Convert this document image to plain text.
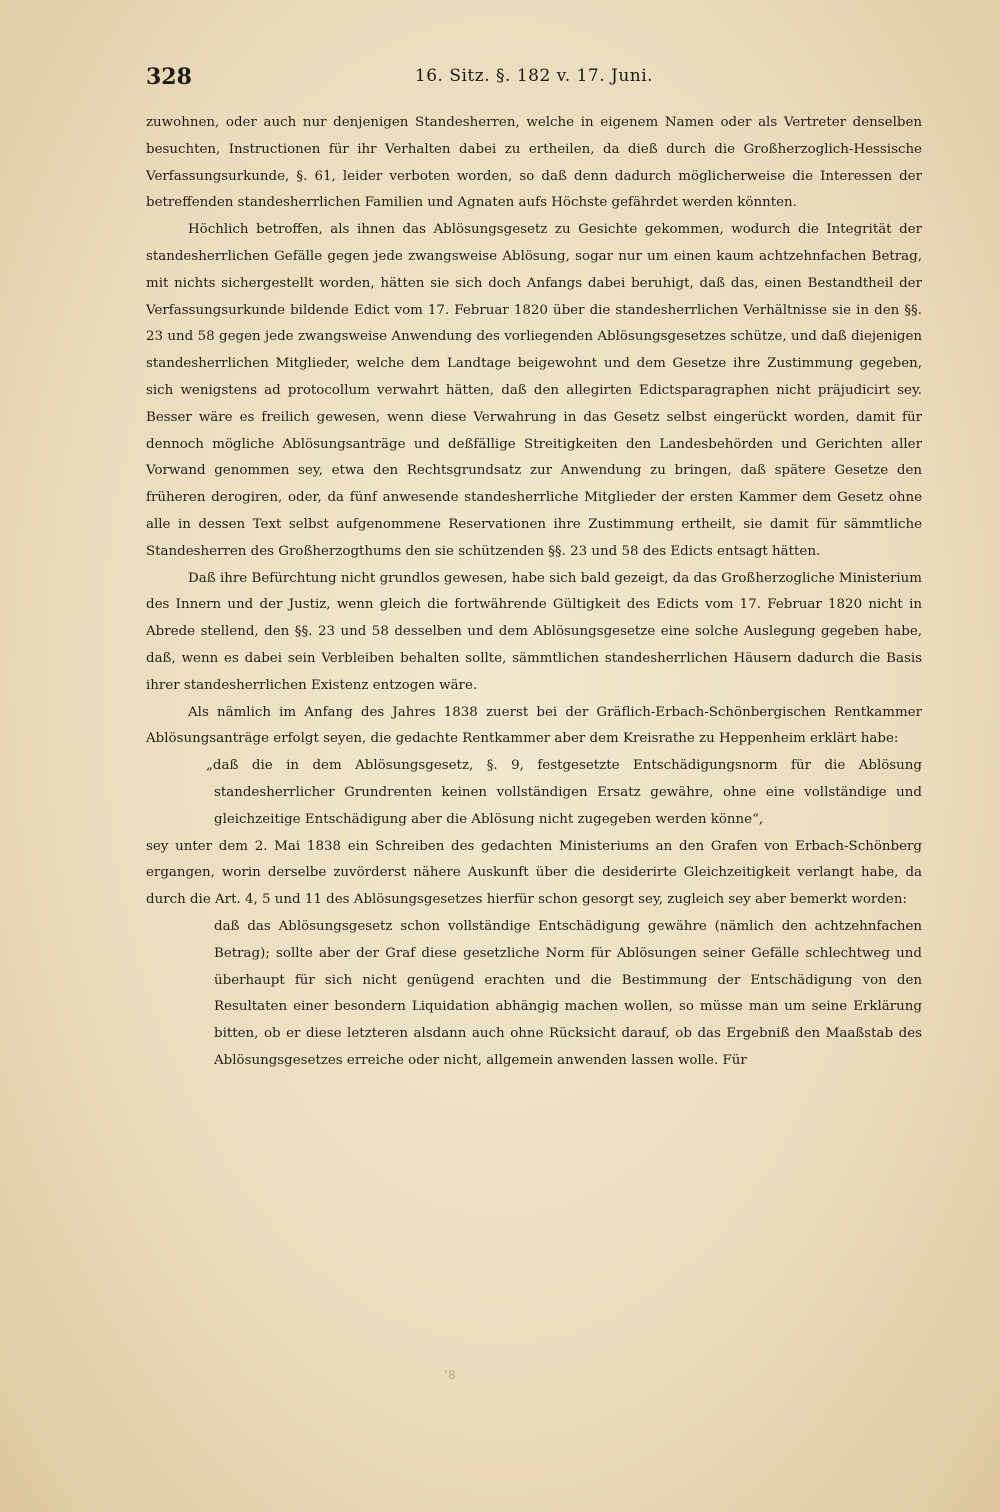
328	16. Sitz. §. 182 v. 17. Juni.

zuwohnen, oder auch nur denjenigen Standesherren, welche in eigenem Namen oder als Vertreter denselben besuchten, Instructionen für ihr Verhalten dabei zu ertheilen, da dieß durch die Großherzoglich-Hessische Verfassungsurkunde, §. 61, leider verboten worden, so daß denn dadurch möglicherweise die Interessen der betreffenden standesherrlichen Familien und Agnaten aufs Höchste gefährdet werden könnten.

Höchlich betroffen, als ihnen das Ablösungsgesetz zu Gesichte gekommen, wodurch die Integrität der standesherrlichen Gefälle gegen jede zwangsweise Ablösung, sogar nur um einen kaum achtzehnfachen Betrag, mit nichts sichergestellt worden, hätten sie sich doch Anfangs dabei beruhigt, daß das, einen Bestandtheil der Verfassungsurkunde bildende Edict vom 17. Februar 1820 über die standesherrlichen Verhältnisse sie in den §§. 23 und 58 gegen jede zwangsweise Anwendung des vorliegenden Ablösungsgesetzes schütze, und daß diejenigen standesherrlichen Mitglieder, welche dem Landtage beigewohnt und dem Gesetze ihre Zustimmung gegeben, sich wenigstens ad protocollum verwahrt hätten, daß den allegirten Edictsparagraphen nicht präjudicirt sey. Besser wäre es freilich gewesen, wenn diese Verwahrung in das Gesetz selbst eingerückt worden, damit für dennoch mögliche Ablösungsanträge und deßfällige Streitigkeiten den Landesbehörden und Gerichten aller Vorwand genommen sey, etwa den Rechtsgrundsatz zur Anwendung zu bringen, daß spätere Gesetze den früheren derogiren, oder, da fünf anwesende standesherrliche Mitglieder der ersten Kammer dem Gesetz ohne alle in dessen Text selbst aufgenommene Reservationen ihre Zustimmung ertheilt, sie damit für sämmtliche Standesherren des Großherzogthums den sie schützenden §§. 23 und 58 des Edicts entsagt hätten.

Daß ihre Befürchtung nicht grundlos gewesen, habe sich bald gezeigt, da das Großherzogliche Ministerium des Innern und der Justiz, wenn gleich die fortwährende Gültigkeit des Edicts vom 17. Februar 1820 nicht in Abrede stellend, den §§. 23 und 58 desselben und dem Ablösungsgesetze eine solche Auslegung gegeben habe, daß, wenn es dabei sein Verbleiben behalten sollte, sämmtlichen standesherrlichen Häusern dadurch die Basis ihrer standesherrlichen Existenz entzogen wäre.

Als nämlich im Anfang des Jahres 1838 zuerst bei der Gräflich-Erbach-Schönbergischen Rentkammer Ablösungsanträge erfolgt seyen, die gedachte Rentkammer aber dem Kreisrathe zu Heppenheim erklärt habe:

„daß die in dem Ablösungsgesetz, §. 9, festgesetzte Entschädigungsnorm für die Ablösung standesherrlicher Grundrenten keinen vollständigen Ersatz gewähre, ohne eine vollständige und gleichzeitige Entschädigung aber die Ablösung nicht zugegeben werden könne“,

sey unter dem 2. Mai 1838 ein Schreiben des gedachten Ministeriums an den Grafen von Erbach-Schönberg ergangen, worin derselbe zuvörderst nähere Auskunft über die desiderirte Gleichzeitigkeit verlangt habe, da durch die Art. 4, 5 und 11 des Ablösungsgesetzes hierfür schon gesorgt sey, zugleich sey aber bemerkt worden:

daß das Ablösungsgesetz schon vollständige Entschädigung gewähre (nämlich den achtzehnfachen Betrag); sollte aber der Graf diese gesetzliche Norm für Ablösungen seiner Gefälle schlechtweg und überhaupt für sich nicht genügend erachten und die Bestimmung der Entschädigung von den Resultaten einer besondern Liquidation abhängig machen wollen, so müsse man um seine Erklärung bitten, ob er diese letzteren alsdann auch ohne Rücksicht darauf, ob das Ergebniß den Maaßstab des Ablösungsgesetzes erreiche oder nicht, allgemein anwenden lassen wolle. Für

ʿ8
